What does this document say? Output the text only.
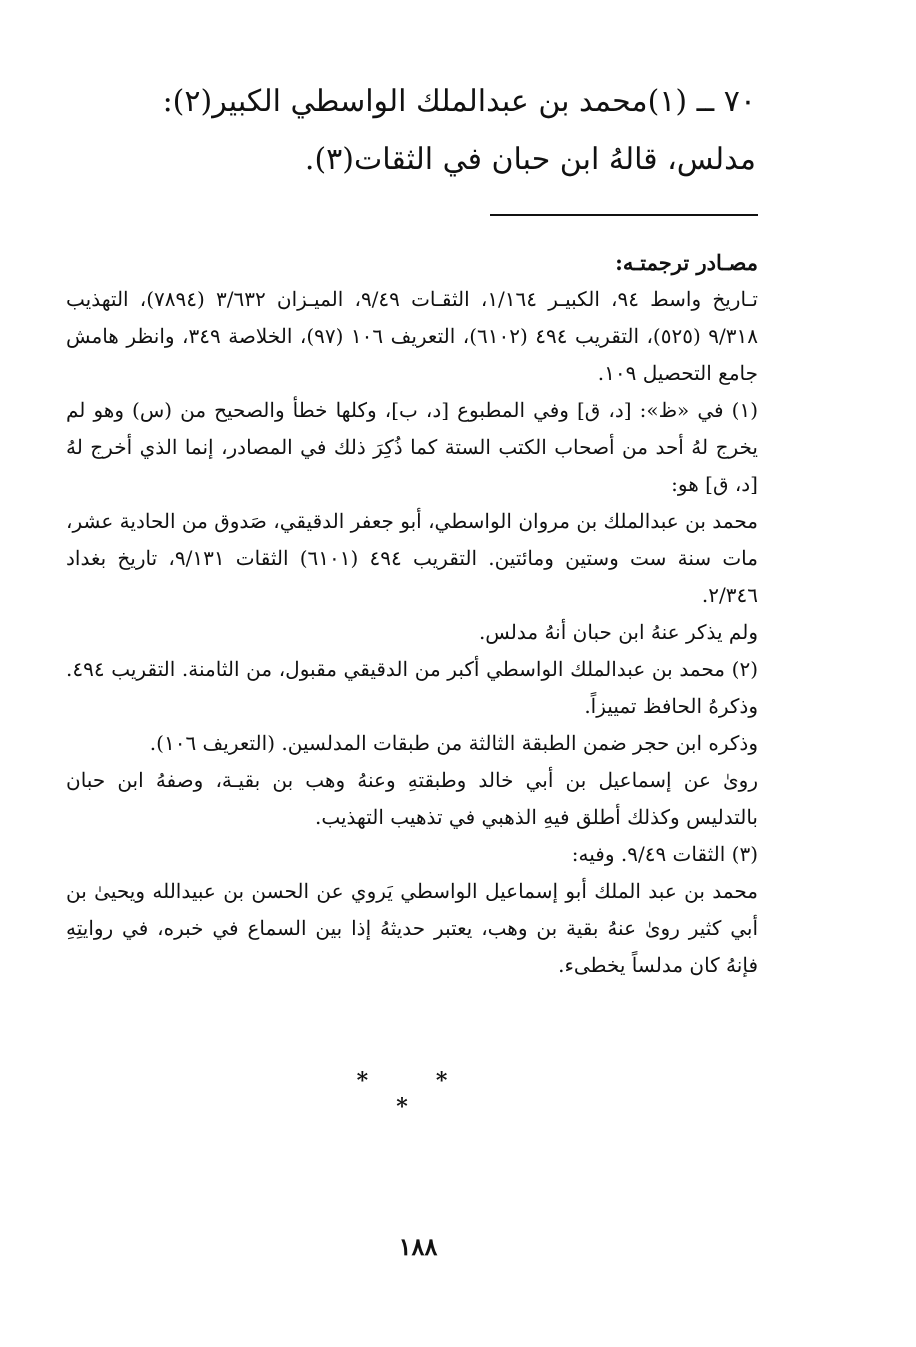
٧٠ ــ (١)محمد بن عبدالملك الواسطي الكبير(٢):
مدلس، قالهُ ابن حبان في الثقات(٣).

مصـادر ترجمتـه:

تـاريخ واسط ٩٤، الكبيـر ١/١٦٤، الثقـات ٩/٤٩، الميـزان ٣/٦٣٢ (٧٨٩٤)، التهذيب ٩/٣١٨ (٥٢٥)، التقريب ٤٩٤ (٦١٠٢)، التعريف ١٠٦ (٩٧)، الخلاصة ٣٤٩، وانظر هامش جامع التحصيل ١٠٩.

(١) في «ظ»: [د، ق] وفي المطبوع [د، ب]، وكلها خطأ والصحيح من (س) وهو لم يخرج لهُ أحد من أصحاب الكتب الستة كما ذُكِرَ ذلك في المصادر، إنما الذي أخرج لهُ [د، ق] هو:

محمد بن عبدالملك بن مروان الواسطي، أبو جعفر الدقيقي، صَدوق من الحادية عشر، مات سنة ست وستين ومائتين. التقريب ٤٩٤ (٦١٠١) الثقات ٩/١٣١، تاريخ بغداد ٢/٣٤٦.

ولم يذكر عنهُ ابن حبان أنهُ مدلس.

(٢) محمد بن عبدالملك الواسطي أكبر من الدقيقي مقبول، من الثامنة. التقريب ٤٩٤. وذكرهُ الحافظ تمييزاً.

وذكره ابن حجر ضمن الطبقة الثالثة من طبقات المدلسين. (التعريف ١٠٦).

روىٰ عن إسماعيل بن أبي خالد وطبقتهِ وعنهُ وهب بن بقيـة، وصفهُ ابن حبان بالتدليس وكذلك أطلق فيهِ الذهبي في تذهيب التهذيب.

(٣) الثقات ٩/٤٩. وفيه:

محمد بن عبد الملك أبو إسماعيل الواسطي يَروي عن الحسن بن عبيدالله ويحيىٰ بن أبي كثير روىٰ عنهُ بقية بن وهب، يعتبر حديثهُ إذا بين السماع في خبره، في روايتِهِ فإنهُ كان مدلساً يخطىء.

* * *
١٨٨
